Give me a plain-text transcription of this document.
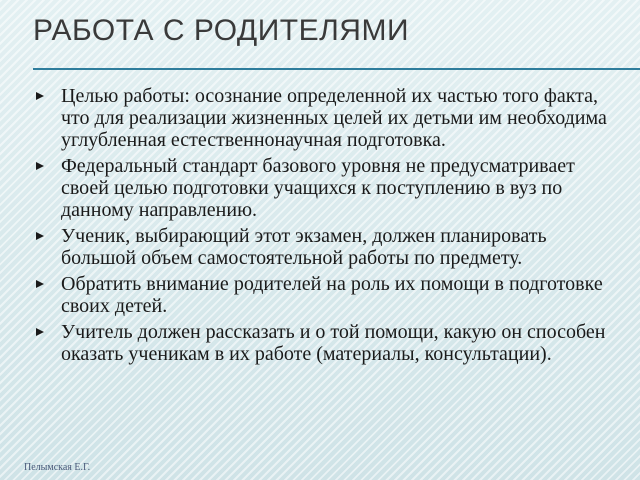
РАБОТА С РОДИТЕЛЯМИ
Целью работы: осознание определенной их частью того факта, что для реализации жизненных целей их детьми им необходима углубленная естественнонаучная подготовка.
Федеральный стандарт базового уровня не предусматривает своей целью подготовки учащихся к поступлению в вуз по данному направлению.
Ученик, выбирающий этот экзамен, должен планировать большой объем самостоятельной работы по предмету.
Обратить внимание родителей на роль их помощи в подготовке своих детей.
Учитель должен рассказать и о той помощи, какую он способен оказать ученикам в их работе (материалы, консультации).
Пелымская Е.Г.
